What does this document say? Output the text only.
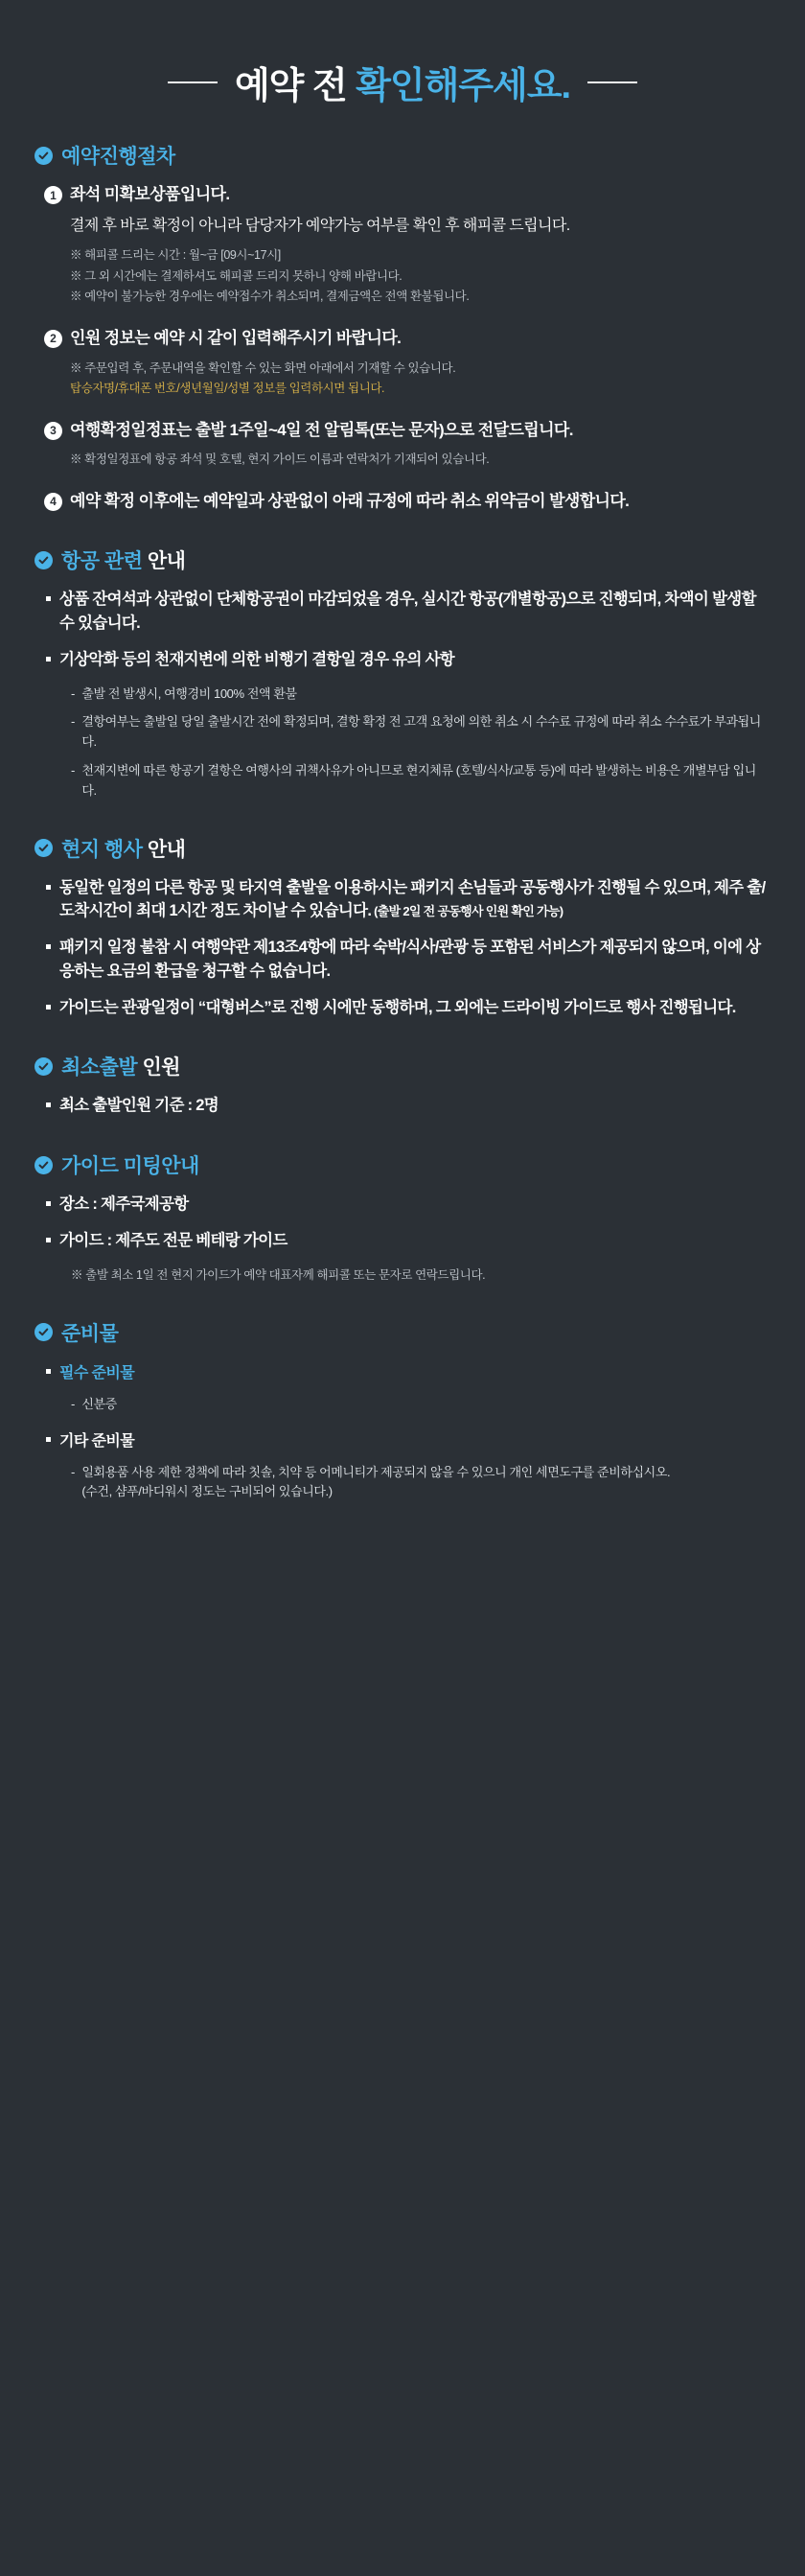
예약 전 확인해주세요.
예약진행절차
1 좌석 미확보상품입니다.
결제 후 바로 확정이 아니라 담당자가 예약가능 여부를 확인 후 해피콜 드립니다.
※ 해피콜 드리는 시간 : 월~금 [09시~17시]
※ 그 외 시간에는 결제하셔도 해피콜 드리지 못하니 양해 바랍니다.
※ 예약이 불가능한 경우에는 예약접수가 취소되며, 결제금액은 전액 환불됩니다.
2 인원 정보는 예약 시 같이 입력해주시기 바랍니다.
※ 주문입력 후, 주문내역을 확인할 수 있는 화면 아래에서 기재할 수 있습니다.
탑승자명/휴대폰 번호/생년월일/성별 정보를 입력하시면 됩니다.
3 여행확정일정표는 출발 1주일~4일 전 알림톡(또는 문자)으로 전달드립니다.
※ 확정일정표에 항공 좌석 및 호텔, 현지 가이드 이름과 연락처가 기재되어 있습니다.
4 예약 확정 이후에는 예약일과 상관없이 아래 규정에 따라 취소 위약금이 발생합니다.
항공 관련 안내
상품 잔여석과 상관없이 단체항공권이 마감되었을 경우, 실시간 항공(개별항공)으로 진행되며, 차액이 발생할 수 있습니다.
기상악화 등의 천재지변에 의한 비행기 결항일 경우 유의 사항
- 출발 전 발생시, 여행경비 100% 전액 환불
- 결항여부는 출발일 당일 출발시간 전에 확정되며, 결항 확정 전 고객 요청에 의한 취소 시 수수료 규정에 따라 취소 수수료가 부과됩니다.
- 천재지변에 따른 항공기 결항은 여행사의 귀책사유가 아니므로 현지체류 (호텔/식사/교통 등)에 따라 발생하는 비용은 개별부담 입니다.
현지 행사 안내
동일한 일정의 다른 항공 및 타지역 출발을 이용하시는 패키지 손님들과 공동행사가 진행될 수 있으며, 제주 출/도착시간이 최대 1시간 정도 차이날 수 있습니다. (출발 2일 전 공동행사 인원 확인 가능)
패키지 일정 불참 시 여행약관 제13조4항에 따라 숙박/식사/관광 등 포함된 서비스가 제공되지 않으며, 이에 상응하는 요금의 환급을 청구할 수 없습니다.
가이드는 관광일정이 “대형버스”로 진행 시에만 동행하며, 그 외에는 드라이빙 가이드로 행사 진행됩니다.
최소출발 인원
최소 출발인원 기준 : 2명
가이드 미팅안내
장소 : 제주국제공항
가이드 : 제주도 전문 베테랑 가이드
※ 출발 최소 1일 전 현지 가이드가 예약 대표자께 해피콜 또는 문자로 연락드립니다.
준비물
필수 준비물
- 신분증
기타 준비물
- 일회용품 사용 제한 정책에 따라 칫솔, 치약 등 어메니티가 제공되지 않을 수 있으니 개인 세면도구를 준비하십시오.
(수건, 샴푸/바디워시 정도는 구비되어 있습니다.)
